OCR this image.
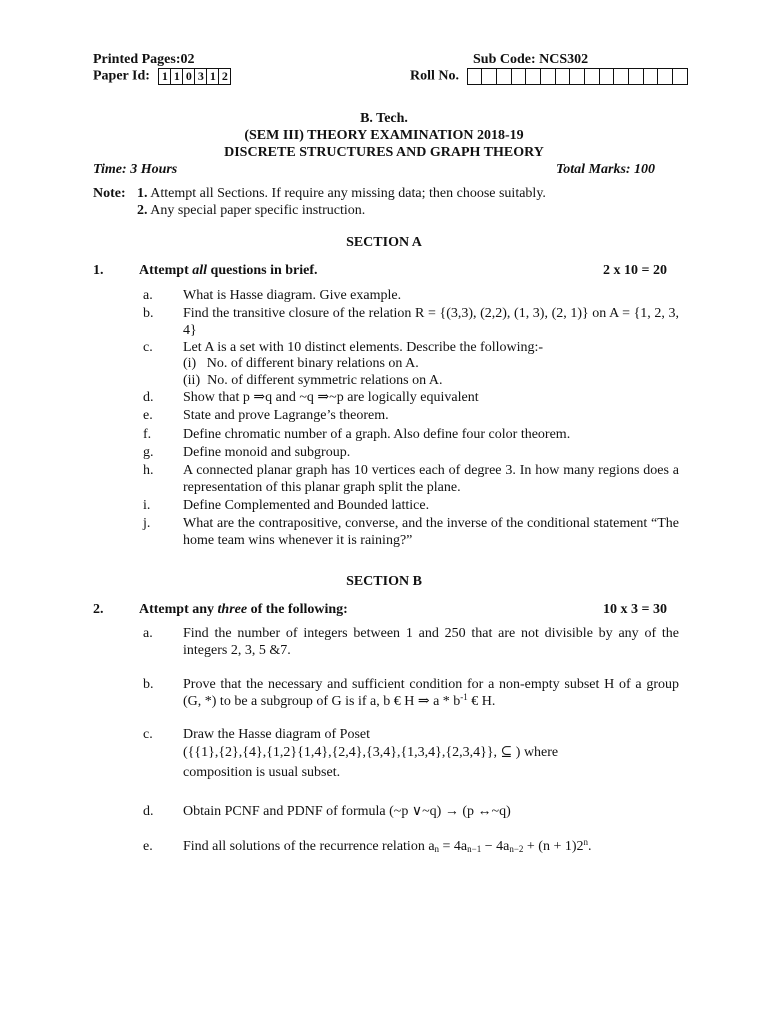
Printed Pages:02	Sub Code: NCS302
Paper Id: 1 1 0 3 1 2	Roll No.
B. Tech.
(SEM III) THEORY EXAMINATION 2018-19
DISCRETE STRUCTURES AND GRAPH THEORY
Time: 3 Hours	Total Marks: 100
Note: 1. Attempt all Sections. If require any missing data; then choose suitably.
2. Any special paper specific instruction.
SECTION A
1.	Attempt all questions in brief.	2 x 10 = 20
a. What is Hasse diagram. Give example.
b. Find the transitive closure of the relation R = {(3,3), (2,2), (1, 3), (2, 1)} on A = {1, 2, 3, 4}
c. Let A is a set with 10 distinct elements. Describe the following:-
(i) No. of different binary relations on A.
(ii) No. of different symmetric relations on A.
d. Show that p ⇒q and ~q ⇒~p are logically equivalent
e. State and prove Lagrange’s theorem.
f. Define chromatic number of a graph. Also define four color theorem.
g. Define monoid and subgroup.
h. A connected planar graph has 10 vertices each of degree 3. In how many regions does a representation of this planar graph split the plane.
i. Define Complemented and Bounded lattice.
j. What are the contrapositive, converse, and the inverse of the conditional statement “The home team wins whenever it is raining?”
SECTION B
2.	Attempt any three of the following:	10 x 3 = 30
a. Find the number of integers between 1 and 250 that are not divisible by any of the integers 2, 3, 5 &7.
b. Prove that the necessary and sufficient condition for a non-empty subset H of a group (G, *) to be a subgroup of G is if a, b € H ⇒ a * $b^{-1}$ € H.
c. Draw the Hasse diagram of Poset
({{1},{2},{4},{1,2}{1,4},{2,4},{3,4},{1,3,4},{2,3,4}}, ⊆ ) where
composition is usual subset.
d. Obtain PCNF and PDNF of formula (~p ∨~q) → (p ↔~q)
e. Find all solutions of the recurrence relation $a_n = 4a_{n-1} - 4a_{n-2} + (n + 1)2^n$.
